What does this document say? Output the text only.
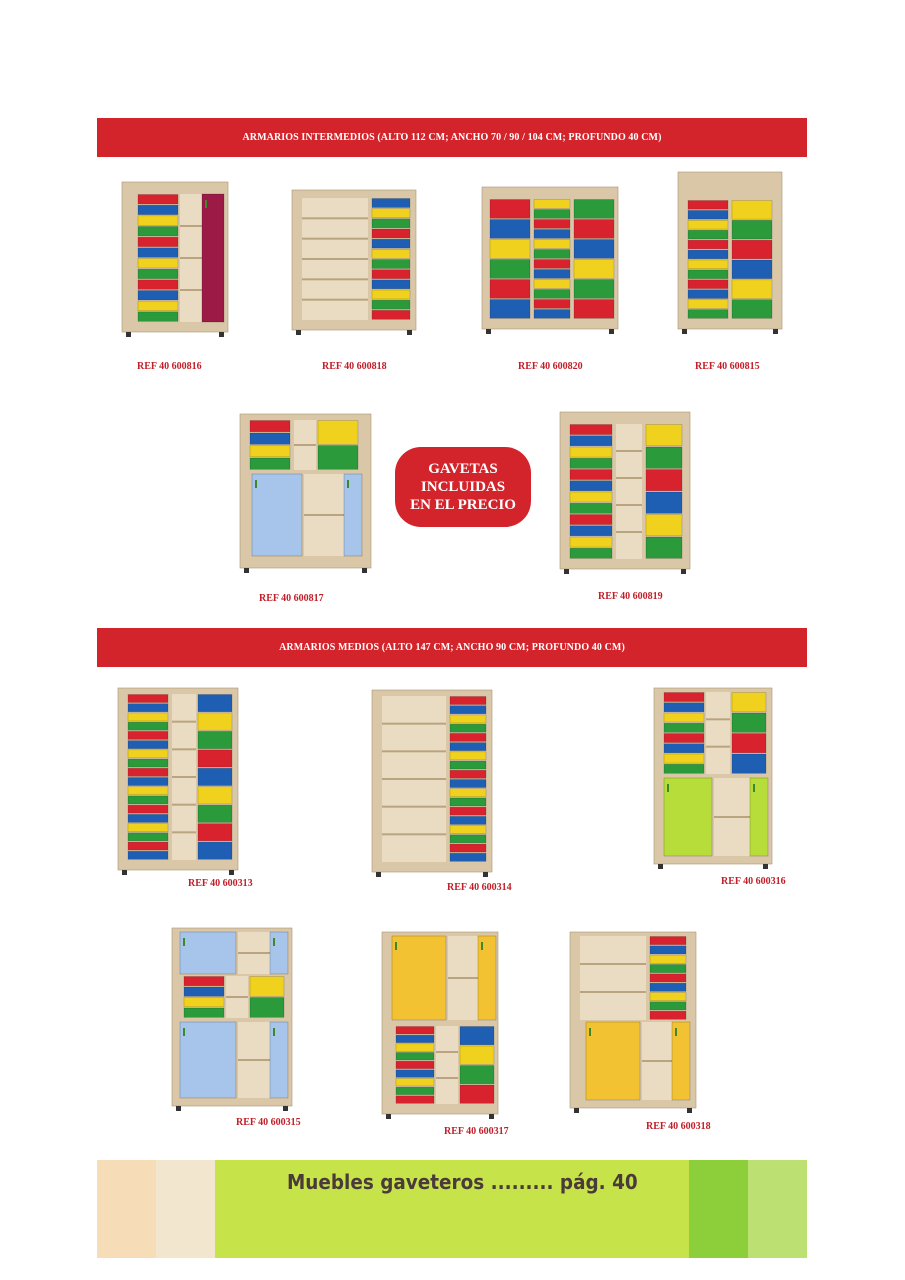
ARMARIOS INTERMEDIOS (ALTO 112 CM; ANCHO 70 / 90 / 104 CM; PROFUNDO 40 CM)
REF 40 600816	REF 40 600818	REF 40 600820	REF 40 600815
GAVETAS
INCLUIDAS
EN EL PRECIO
REF 40 600817	REF 40 600819
ARMARIOS MEDIOS (ALTO 147 CM; ANCHO 90 CM; PROFUNDO 40 CM)
REF 40 600313	REF 40 600314
REF 40 600316
REF 40 600315
REF 40 600317	REF 40 600318
Muebles gaveteros ......... pág. 40
